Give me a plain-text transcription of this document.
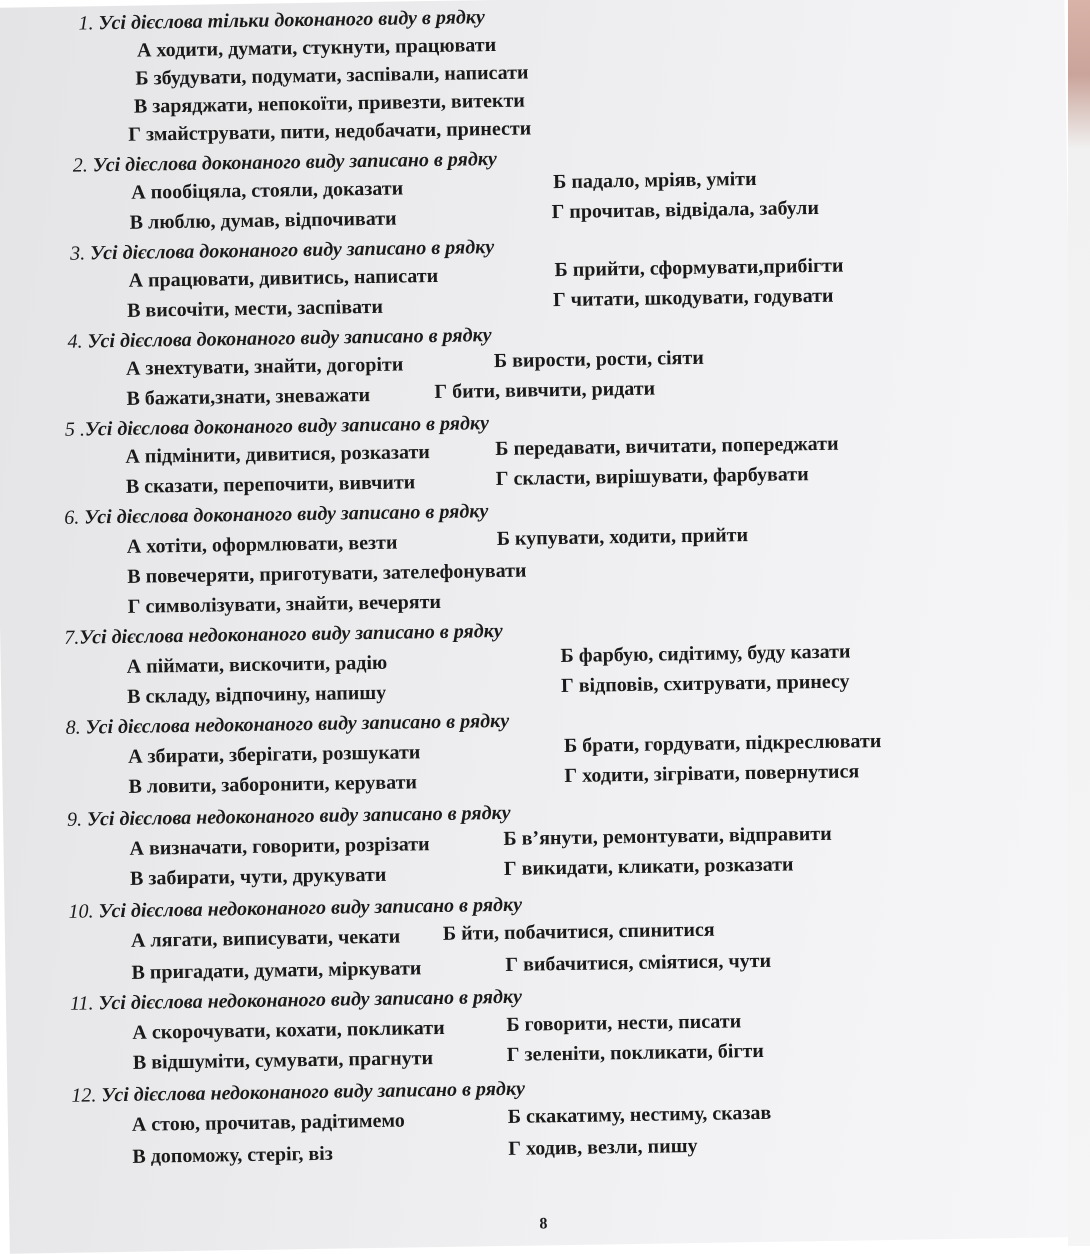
1. Усі дієслова тільки доконаного виду в рядку
А ходити, думати, стукнути, працювати
Б збудувати, подумати, заспівали, написати
В заряджати, непокоїти, привезти, витекти
Г змайструвати, пити, недобачати, принести
2. Усі дієслова доконаного виду записано в рядку
А пообіцяла, стояли, доказати	Б падало, мріяв, уміти
В люблю, думав, відпочивати	Г прочитав, відвідала, забули
3. Усі дієслова доконаного виду записано в рядку
А працювати, дивитись, написати	Б прийти, сформувати,прибігти
В височіти, мести, заспівати	Г читати, шкодувати, годувати
4. Усі дієслова доконаного виду записано в рядку
А знехтувати, знайти, догоріти	Б вирости, рости, сіяти
В бажати,знати, зневажати	Г бити, вивчити, ридати
5 .Усі дієслова доконаного виду записано в рядку
А підмінити, дивитися, розказати	Б передавати, вичитати, попереджати
В сказати, перепочити, вивчити	Г скласти, вирішувати, фарбувати
6. Усі дієслова доконаного виду записано в рядку
А хотіти, оформлювати, везти	Б купувати, ходити, прийти
В повечеряти, приготувати, зателефонувати
Г символізувати, знайти, вечеряти
7.Усі дієслова недоконаного виду записано в рядку
А піймати, вискочити, радію	Б фарбую, сидітиму, буду казати
В складу, відпочину, напишу	Г відповів, схитрувати, принесу
8. Усі дієслова недоконаного виду записано в рядку
А збирати, зберігати, розшукати	Б брати, гордувати, підкреслювати
В ловити, заборонити, керувати	Г ходити, зігрівати, повернутися
9. Усі дієслова недоконаного виду записано в рядку
А визначати, говорити, розрізати	Б в’янути, ремонтувати, відправити
В забирати, чути, друкувати	Г викидати, кликати, розказати
10. Усі дієслова недоконаного виду записано в рядку
А лягати, виписувати, чекати Б йти, побачитися, спинитися
В пригадати, думати, міркувати	Г вибачитися, сміятися, чути
11. Усі дієслова недоконаного виду записано в рядку
А скорочувати, кохати, покликати	Б говорити, нести, писати
В відшуміти, сумувати, прагнути	Г зеленіти, покликати, бігти
12. Усі дієслова недоконаного виду записано в рядку
А стою, прочитав, радітимемо	Б скакатиму, нестиму, сказав
В допоможу, стеріг, віз	Г ходив, везли, пишу
8
